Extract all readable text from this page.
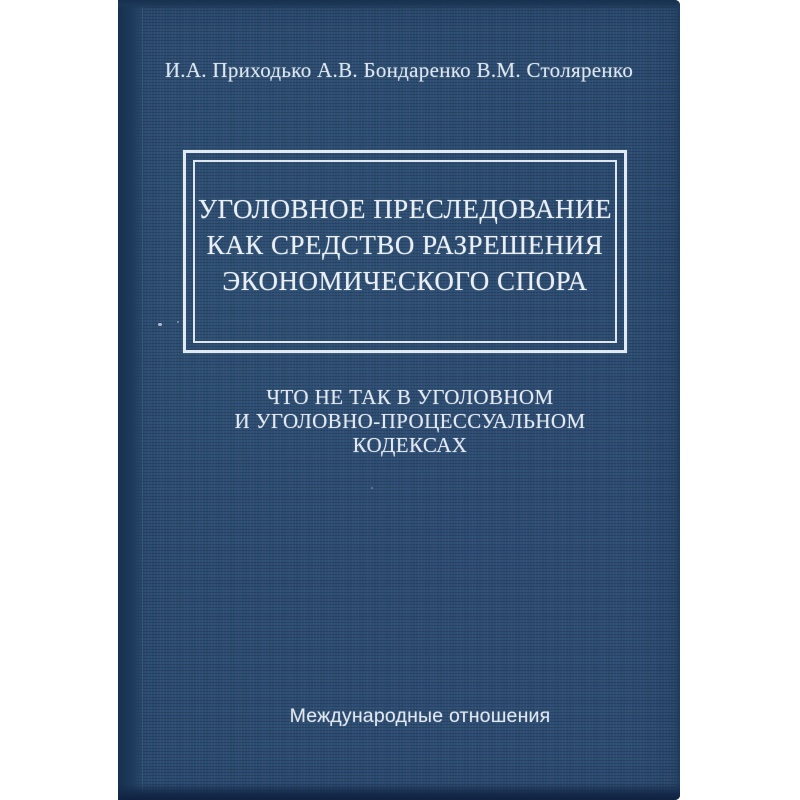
И.А. Приходько А.В. Бондаренко В.М. Столяренко
УГОЛОВНОЕ ПРЕСЛЕДОВАНИЕ
КАК СРЕДСТВО РАЗРЕШЕНИЯ
ЭКОНОМИЧЕСКОГО СПОРА
ЧТО НЕ ТАК В УГОЛОВНОМ
И УГОЛОВНО-ПРОЦЕССУАЛЬНОМ
КОДЕКСАХ
Международные отношения
